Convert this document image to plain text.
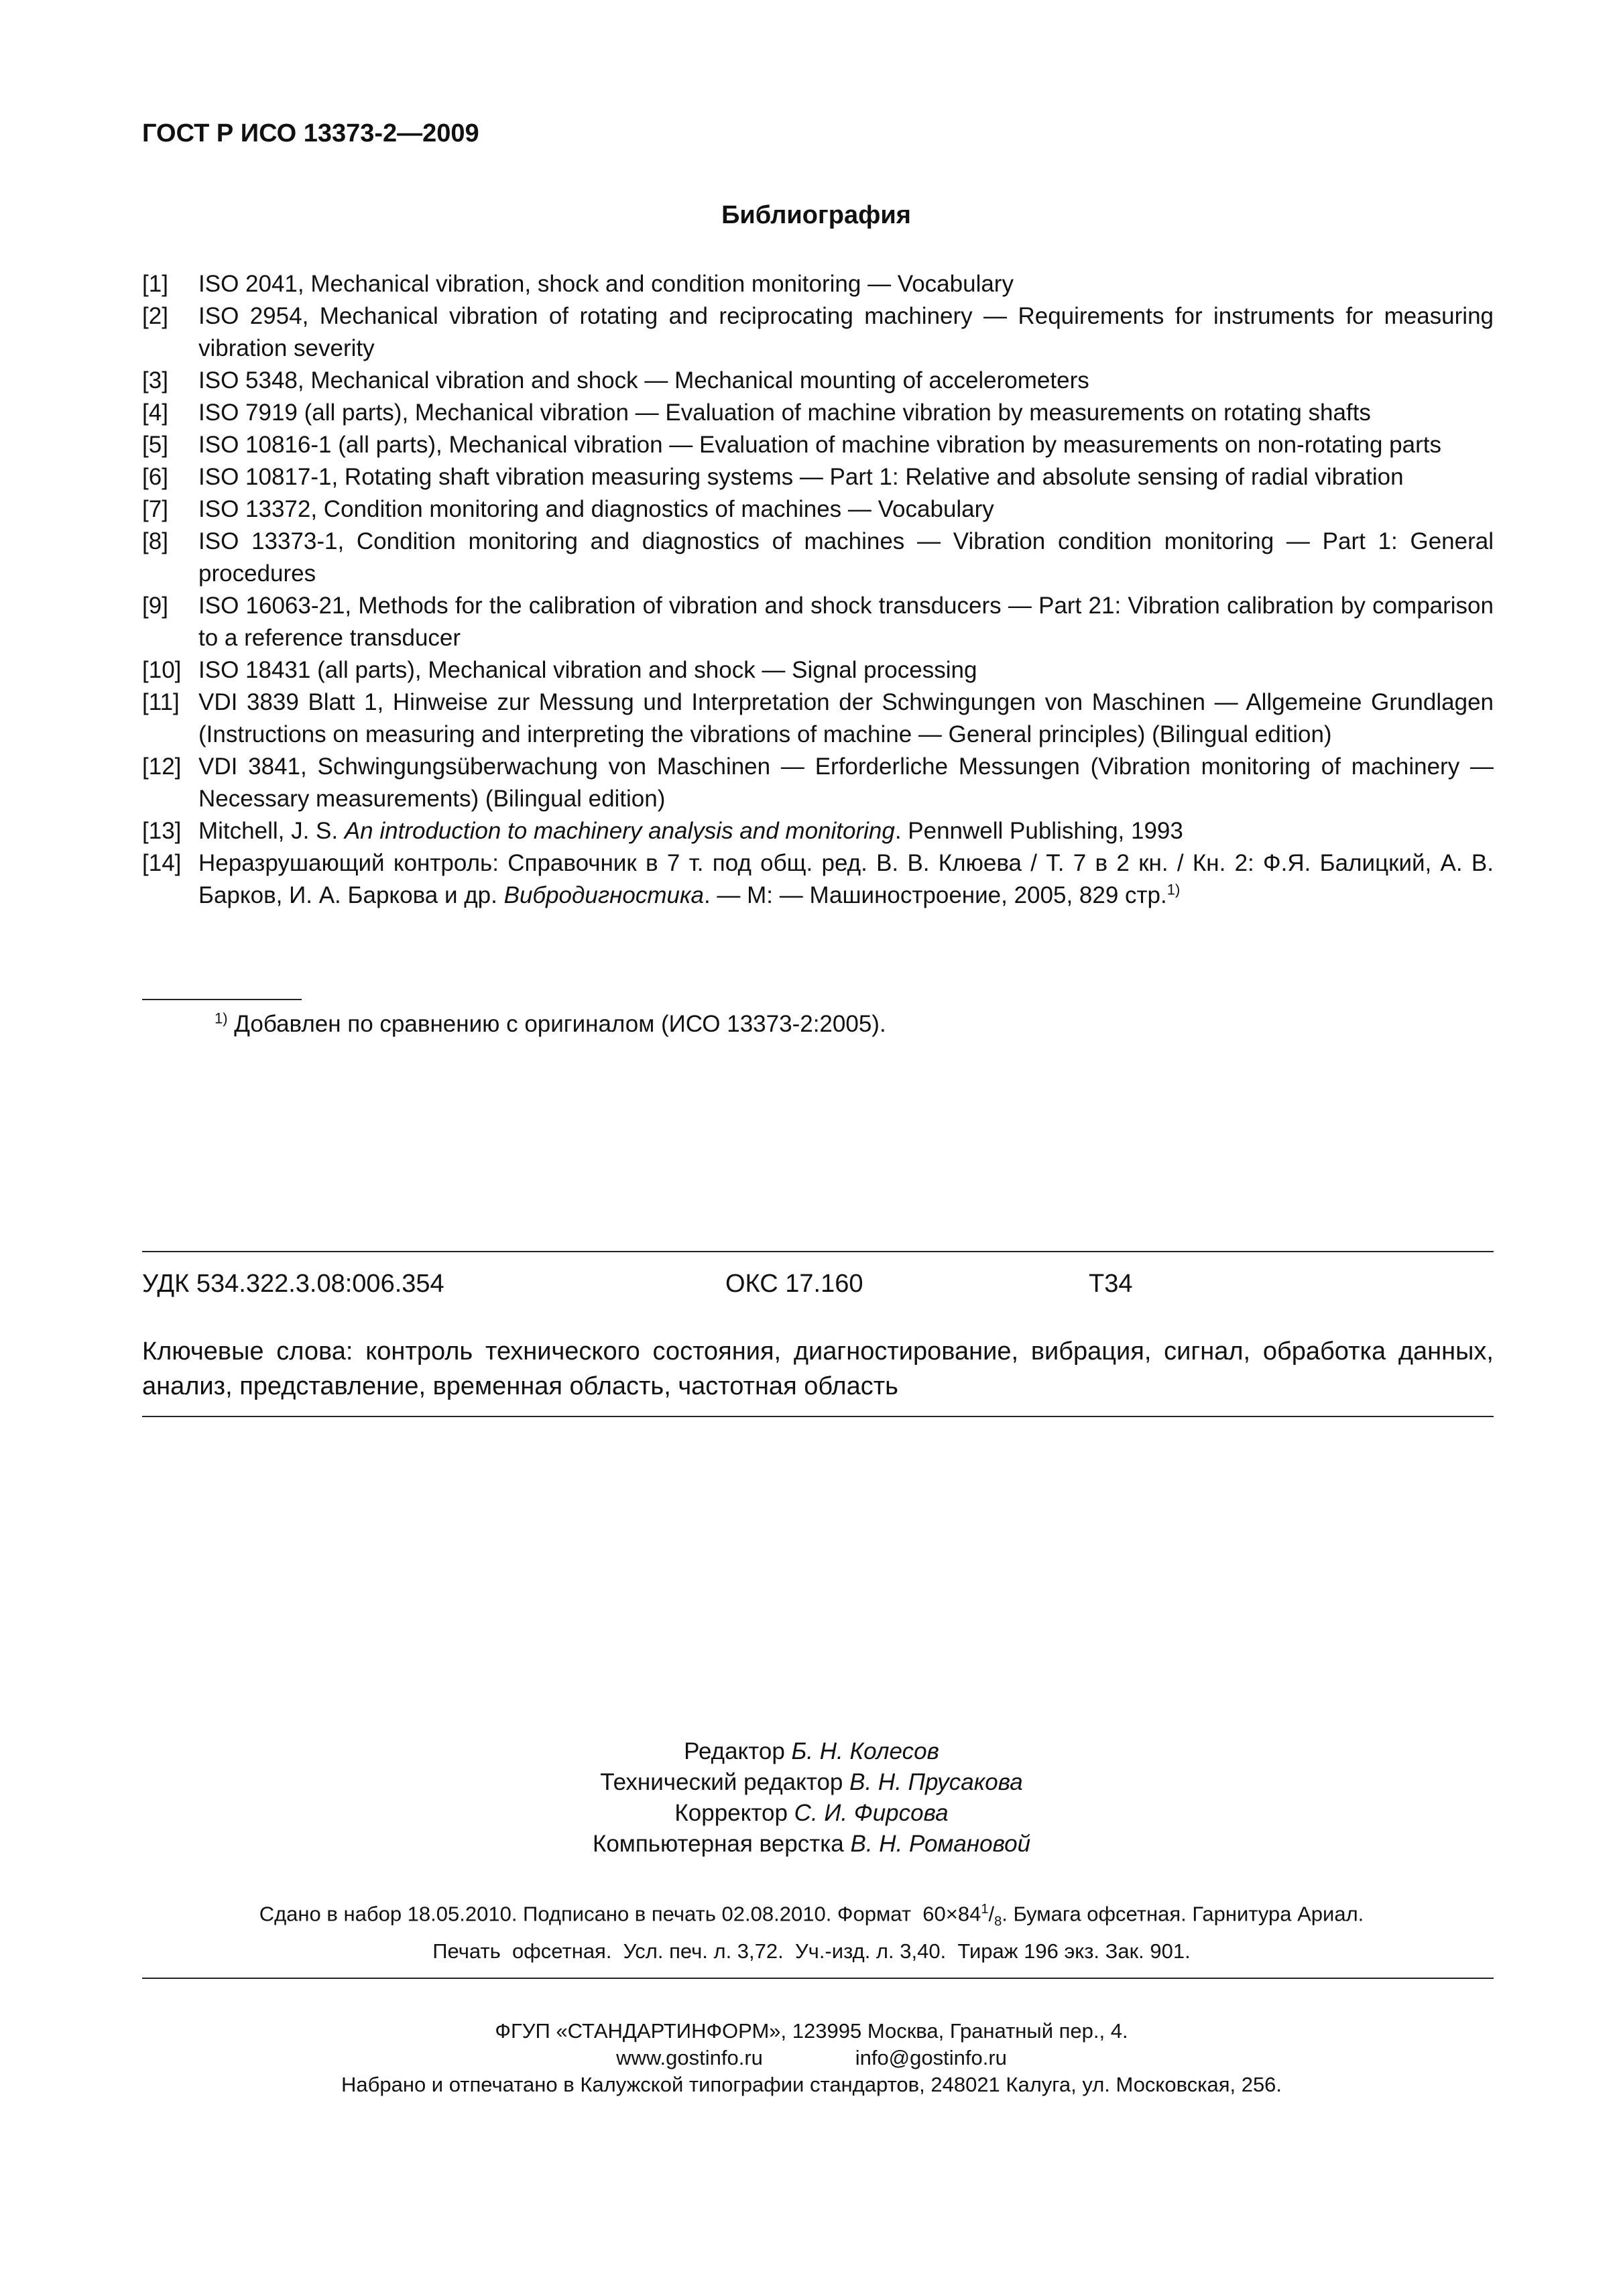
ГОСТ Р ИСО 13373-2—2009
Библиография
[1]	ISO 2041, Mechanical vibration, shock and condition monitoring — Vocabulary
[2]	ISO 2954, Mechanical vibration of rotating and reciprocating machinery — Requirements for instruments for measuring vibration severity
[3]	ISO 5348, Mechanical vibration and shock — Mechanical mounting of accelerometers
[4]	ISO 7919 (all parts), Mechanical vibration — Evaluation of machine vibration by measurements on rotating shafts
[5]	ISO 10816-1 (all parts), Mechanical vibration — Evaluation of machine vibration by measurements on non-rotating parts
[6]	ISO 10817-1, Rotating shaft vibration measuring systems — Part 1: Relative and absolute sensing of radial vibration
[7]	ISO 13372, Condition monitoring and diagnostics of machines — Vocabulary
[8]	ISO 13373-1, Condition monitoring and diagnostics of machines — Vibration condition monitoring — Part 1: General procedures
[9]	ISO 16063-21, Methods for the calibration of vibration and shock transducers — Part 21: Vibration calibration by comparison to a reference transducer
[10] ISO 18431 (all parts), Mechanical vibration and shock — Signal processing
[11] VDI 3839 Blatt 1, Hinweise zur Messung und Interpretation der Schwingungen von Maschinen — Allgemeine Grundlagen (Instructions on measuring and interpreting the vibrations of machine — General principles) (Bilingual edition)
[12] VDI 3841, Schwingungsüberwachung von Maschinen — Erforderliche Messungen (Vibration monitoring of machinery — Necessary measurements) (Bilingual edition)
[13] Mitchell, J. S. An introduction to machinery analysis and monitoring. Pennwell Publishing, 1993
[14] Неразрушающий контроль: Справочник в 7 т. под общ. ред. В. В. Клюева / Т. 7 в 2 кн. / Кн. 2: Ф.Я. Балицкий, А. В. Барков, И. А. Баркова и др. Вибродигностика. — М: — Машиностроение, 2005, 829 стр.$^{1)}$
$^{1)}$ Добавлен по сравнению с оригиналом (ИСО 13373-2:2005).
УДК 534.322.3.08:006.354	ОКС 17.160	Т34
Ключевые слова: контроль технического состояния, диагностирование, вибрация, сигнал, обработка данных, анализ, представление, временная область, частотная область
Редактор Б. Н. Колесов
Технический редактор В. Н. Прусакова
Корректор С. И. Фирсова
Компьютерная верстка В. Н. Романовой
Сдано в набор 18.05.2010. Подписано в печать 02.08.2010. Формат  $60\times 84^1/_8$. Бумага офсетная. Гарнитура Ариал.
Печать  офсетная.  Усл. печ. л. 3,72.  Уч.-изд. л. 3,40.  Тираж 196 экз. Зак. 901.
ФГУП «СТАНДАРТИНФОРМ», 123995 Москва, Гранатный пер., 4.
www.gostinfo.ru                info@gostinfo.ru
Набрано и отпечатано в Калужской типографии стандартов, 248021 Калуга, ул. Московская, 256.
